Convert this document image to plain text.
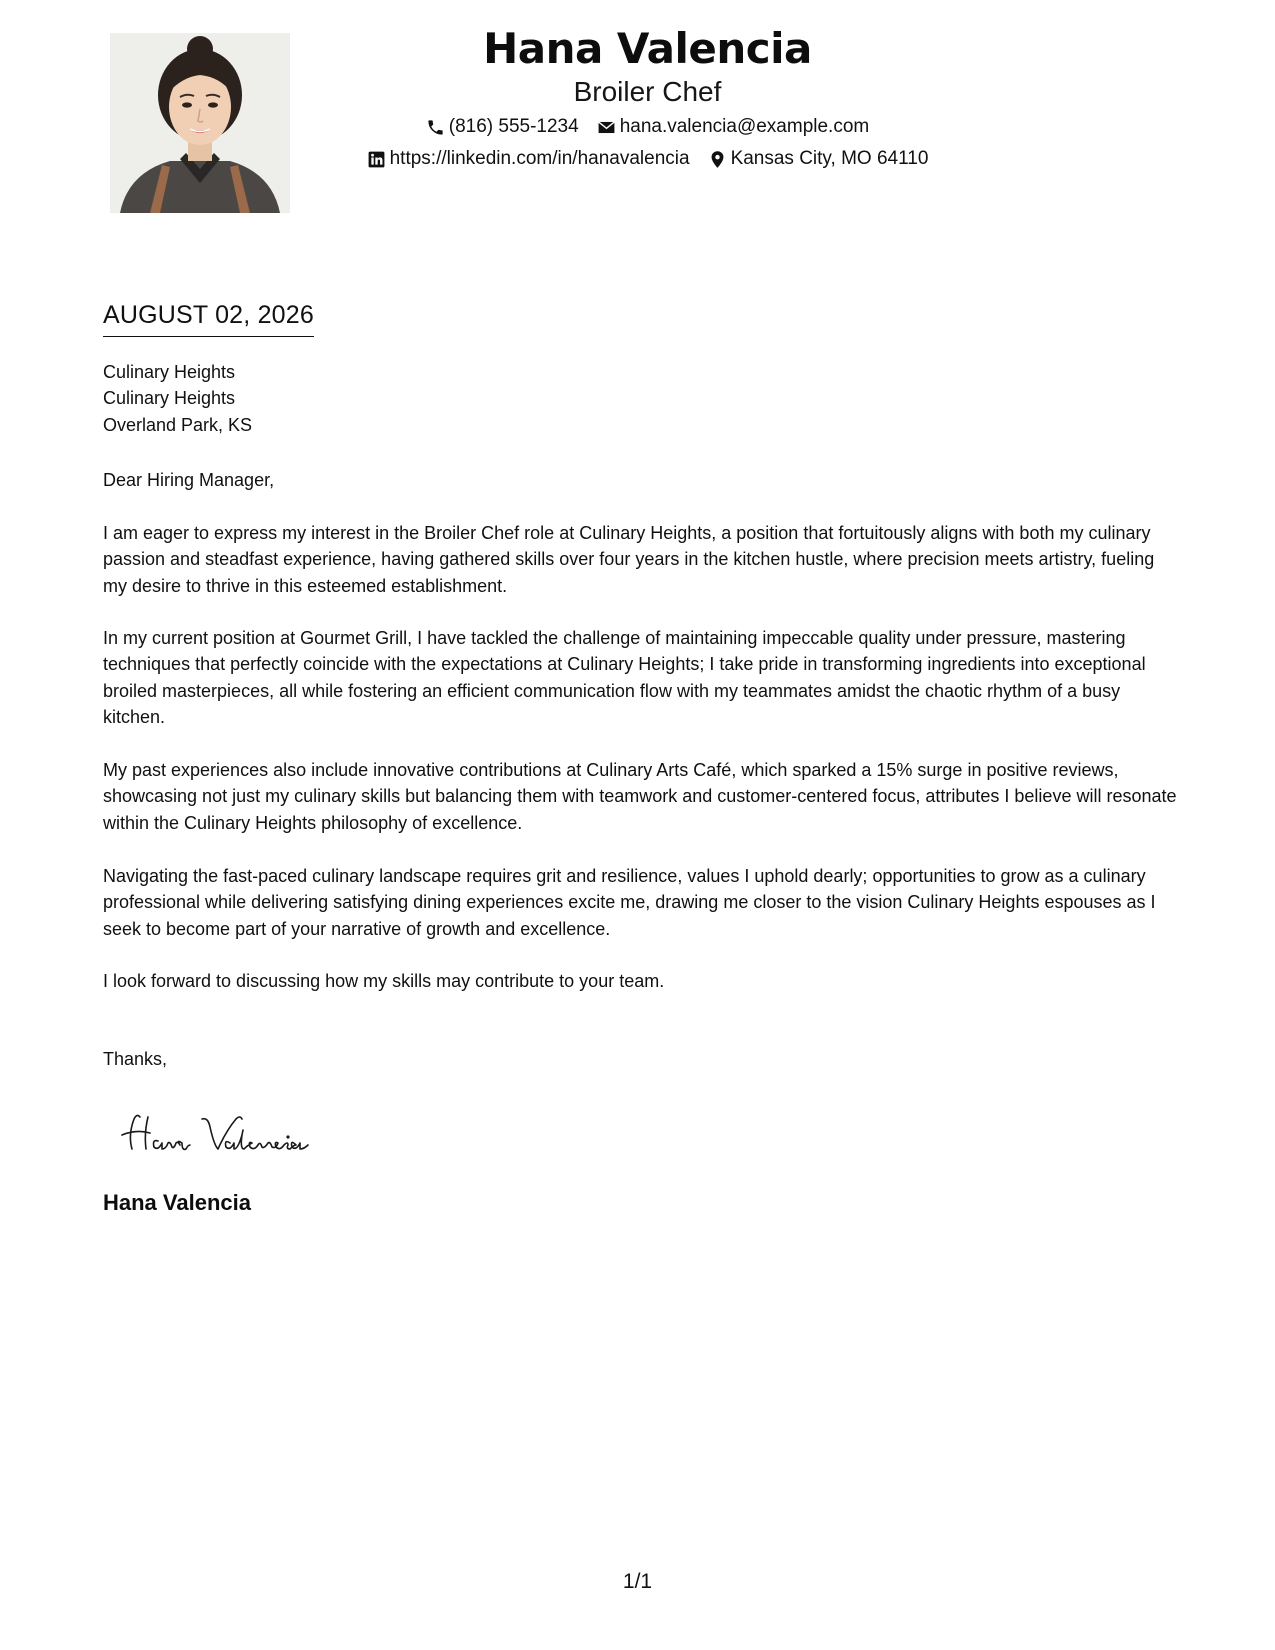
Hana Valencia
Broiler Chef
(816) 555-1234 hana.valencia@example.com
https://linkedin.com/in/hanavalencia Kansas City, MO 64110
AUGUST 02, 2026
Culinary Heights
Culinary Heights
Overland Park, KS
Dear Hiring Manager,

I am eager to express my interest in the Broiler Chef role at Culinary Heights, a position that fortuitously aligns with both my culinary passion and steadfast experience, having gathered skills over four years in the kitchen hustle, where precision meets artistry, fueling my desire to thrive in this esteemed establishment.

In my current position at Gourmet Grill, I have tackled the challenge of maintaining impeccable quality under pressure, mastering techniques that perfectly coincide with the expectations at Culinary Heights; I take pride in transforming ingredients into exceptional broiled masterpieces, all while fostering an efficient communication flow with my teammates amidst the chaotic rhythm of a busy kitchen.

My past experiences also include innovative contributions at Culinary Arts Café, which sparked a 15% surge in positive reviews, showcasing not just my culinary skills but balancing them with teamwork and customer-centered focus, attributes I believe will resonate within the Culinary Heights philosophy of excellence.

Navigating the fast-paced culinary landscape requires grit and resilience, values I uphold dearly; opportunities to grow as a culinary professional while delivering satisfying dining experiences excite me, drawing me closer to the vision Culinary Heights espouses as I seek to become part of your narrative of growth and excellence.

I look forward to discussing how my skills may contribute to your team.

Thanks,
Hana Valencia
1/1
